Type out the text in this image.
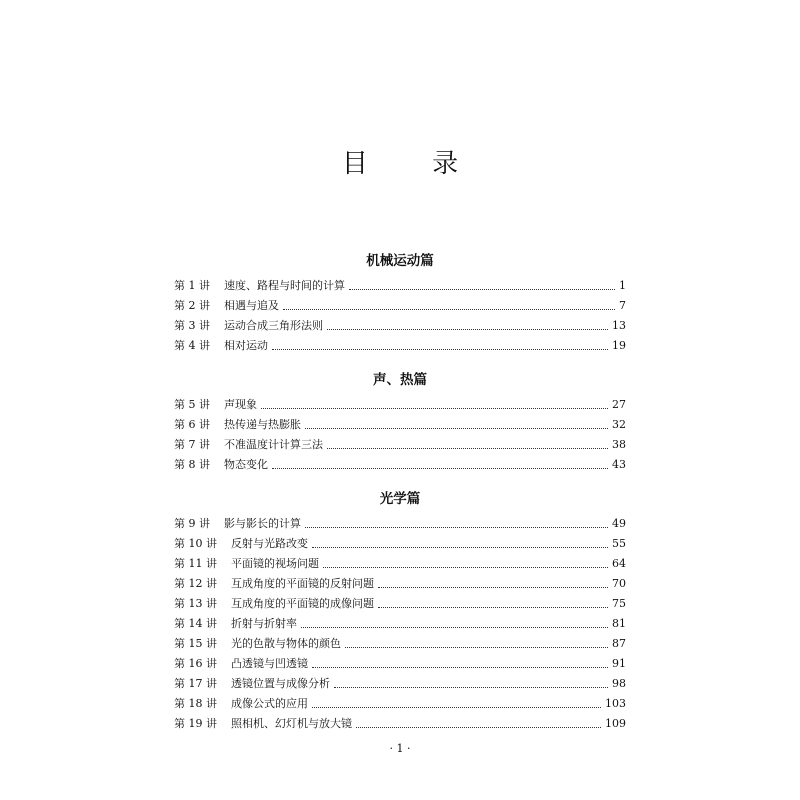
目 录
机械运动篇
第 1 讲 速度、路程与时间的计算	1
第 2 讲 相遇与追及	7
第 3 讲 运动合成三角形法则	13
第 4 讲 相对运动	19
声、热篇
第 5 讲 声现象	27
第 6 讲 热传递与热膨胀	32
第 7 讲 不准温度计计算三法	38
第 8 讲 物态变化	43
光学篇
第 9 讲 影与影长的计算	49
第 10 讲 反射与光路改变	55
第 11 讲 平面镜的视场问题	64
第 12 讲 互成角度的平面镜的反射问题	70
第 13 讲 互成角度的平面镜的成像问题	75
第 14 讲 折射与折射率	81
第 15 讲 光的色散与物体的颜色	87
第 16 讲 凸透镜与凹透镜	91
第 17 讲 透镜位置与成像分析	98
第 18 讲 成像公式的应用	103
第 19 讲 照相机、幻灯机与放大镜	109
· 1 ·
